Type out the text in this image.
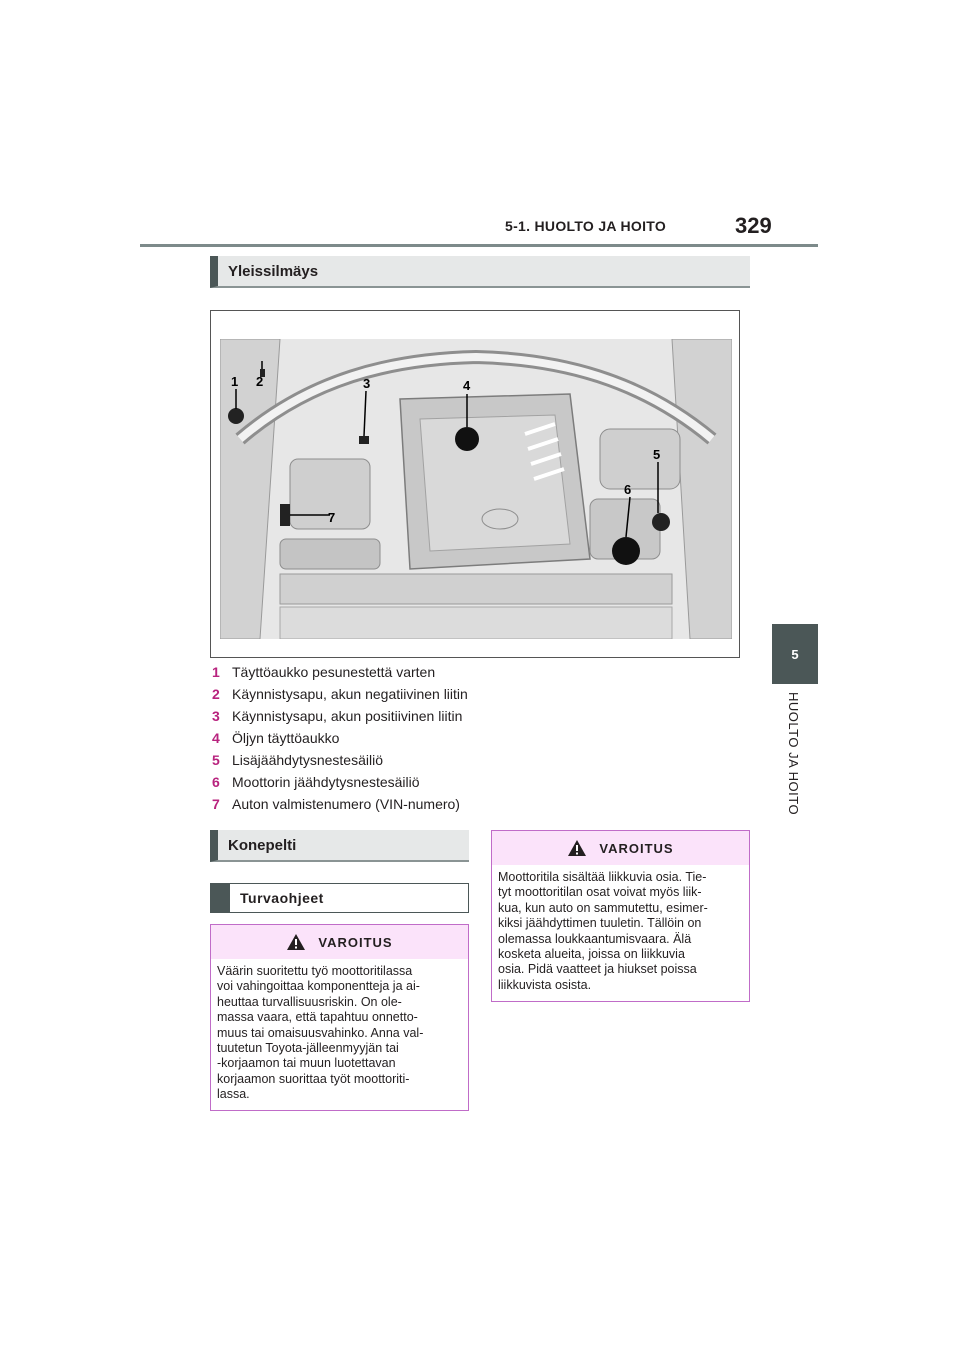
5-1. HUOLTO JA HOITO	329
5
HUOLTO JA HOITO
Yleissilmäys
1 2	3	4
5
6
7
1 Täyttöaukko pesunestettä varten
2 Käynnistysapu, akun negatiivinen liitin
3 Käynnistysapu, akun positiivinen liitin
4 Öljyn täyttöaukko
5 Lisäjäähdytysnestesäiliö
6 Moottorin jäähdytysnestesäiliö
7 Auton valmistenumero (VIN-numero)
Konepelti
Turvaohjeet
VAROITUS
Väärin suoritettu työ moottoritilassa
voi vahingoittaa komponentteja ja ai-
heuttaa turvallisuusriskin. On ole-
massa vaara, että tapahtuu onnetto-
muus tai omaisuusvahinko. Anna val-
tuutetun Toyota-jälleenmyyjän tai
-korjaamon tai muun luotettavan
korjaamon suorittaa työt moottoriti-
lassa.
VAROITUS
Moottoritila sisältää liikkuvia osia. Tie-
tyt moottoritilan osat voivat myös liik-
kua, kun auto on sammutettu, esimer-
kiksi jäähdyttimen tuuletin. Tällöin on
olemassa loukkaantumisvaara. Älä
kosketa alueita, joissa on liikkuvia
osia. Pidä vaatteet ja hiukset poissa
liikkuvista osista.
